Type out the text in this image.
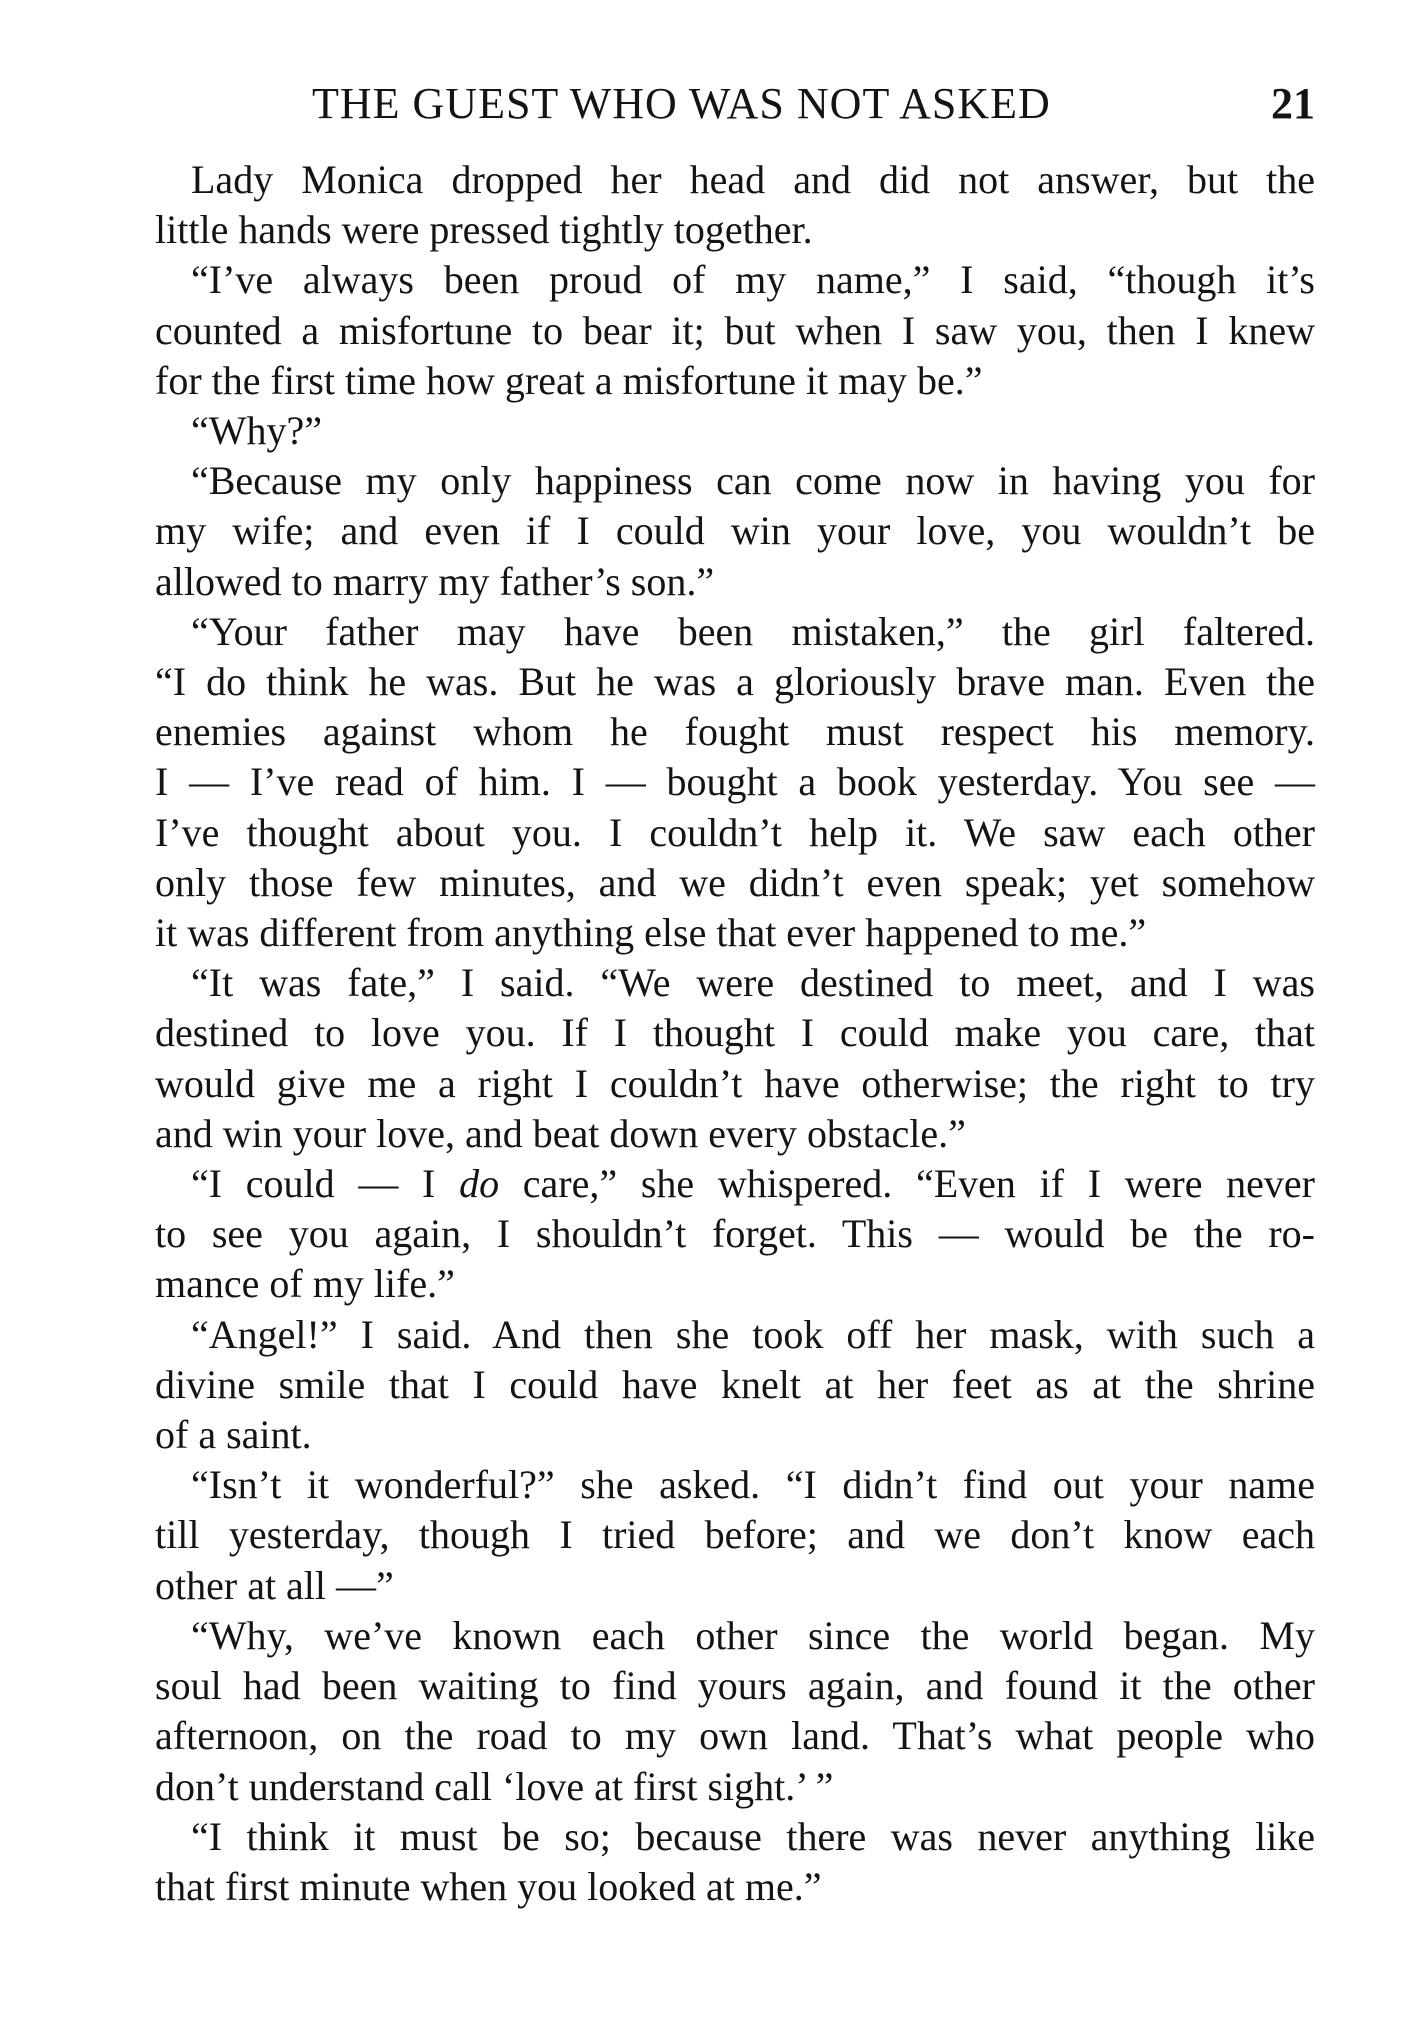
THE GUEST WHO WAS NOT ASKED	21
Lady Monica dropped her head and did not answer, but the
little hands were pressed tightly together.
“I’ve always been proud of my name,” I said, “though it’s
counted a misfortune to bear it; but when I saw you, then I knew
for the first time how great a misfortune it may be.”
“Why?”
“Because my only happiness can come now in having you for
my wife; and even if I could win your love, you wouldn’t be
allowed to marry my father’s son.”
“Your father may have been mistaken,” the girl faltered.
“I do think he was. But he was a gloriously brave man. Even the
enemies against whom he fought must respect his memory.
I — I’ve read of him. I — bought a book yesterday. You see —
I’ve thought about you. I couldn’t help it. We saw each other
only those few minutes, and we didn’t even speak; yet somehow
it was different from anything else that ever happened to me.”
“It was fate,” I said. “We were destined to meet, and I was
destined to love you. If I thought I could make you care, that
would give me a right I couldn’t have otherwise; the right to try
and win your love, and beat down every obstacle.”
“I could — I do care,” she whispered. “Even if I were never
to see you again, I shouldn’t forget. This — would be the ro-
mance of my life.”
“Angel!” I said. And then she took off her mask, with such a
divine smile that I could have knelt at her feet as at the shrine
of a saint.
“Isn’t it wonderful?” she asked. “I didn’t find out your name
till yesterday, though I tried before; and we don’t know each
other at all —”
“Why, we’ve known each other since the world began. My
soul had been waiting to find yours again, and found it the other
afternoon, on the road to my own land. That’s what people who
don’t understand call ‘love at first sight.’ ”
“I think it must be so; because there was never anything like
that first minute when you looked at me.”
